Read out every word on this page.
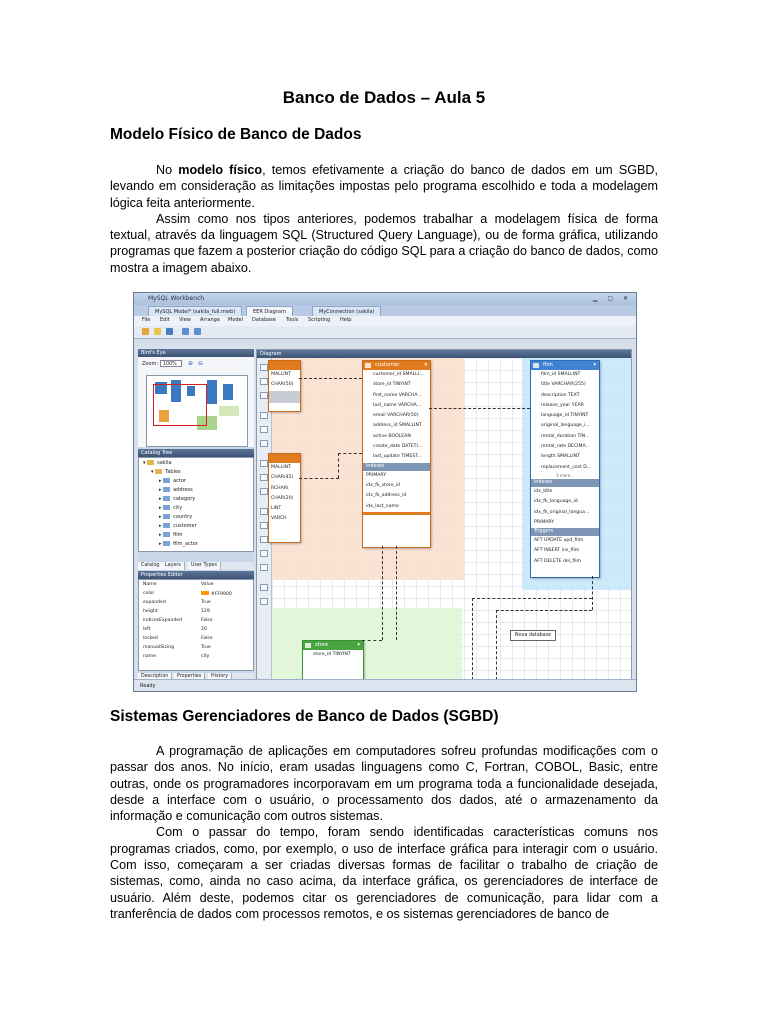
Banco de Dados – Aula 5
Modelo Físico de Banco de Dados

No modelo físico, temos efetivamente a criação do banco de dados em um SGBD, levando em consideração as limitações impostas pelo programa escolhido e toda a modelagem lógica feita anteriormente.

Assim como nos tipos anteriores, podemos trabalhar a modelagem física de forma textual, através da linguagem SQL (Structured Query Language), ou de forma gráfica, utilizando programas que fazem a posterior criação do código SQL para a criação do banco de dados, como mostra a imagem abaixo.

MySQL Workbench	▁ ▢ ✕
MySQL Model* (sakila_full.mwb)	EER Diagram	MyConnection (sakila)
File Edit View Arrange Model Database Tools Scripting Help
Bird's Eye
Zoom:	100%	⊕ ⊖
Catalog Tree
▾ sakila
▾ Tables
▸ actor
▸ address
▸ category
▸ city
▸ country
▸ customer
▸ film
▸ film_actor
Catalog	Layers	User Types
Properties Editor
Name	Value
color	#FF9900
expanded	True
height	129
indicesExpanded	False
left	20
locked	False
manualSizing	True
name	city
Description	Properties	History
Diagram
MALLINT
CHAR(50)
MALLINT
CHAR(45)
RCHAR(
CHAR(20)
LINT
VARCH
customer	▾
customer_id SMALLI...
store_id TINYINT
first_name VARCHA...
last_name VARCHA...
email VARCHAR(50)
address_id SMALLINT
active BOOLEAN
create_date DATETI...
last_update TIMEST...
Indexes
PRIMARY
idx_fk_store_id
idx_fk_address_id
idx_last_name
film	▾
film_id SMALLINT
title VARCHAR(255)
description TEXT
release_year YEAR
language_id TINYINT
original_language_i...
rental_duration TIN...
rental_rate DECIMA...
length SMALLINT
replacement_cost D...
3 more...
Indexes
idx_title
idx_fk_language_id
idx_fk_original_langua...
PRIMARY
Triggers
AFT UPDATE upd_film
AFT INSERT ins_film
AFT DELETE del_film
store	▾
store_id TINYINT
Nova database
Ready
Sistemas Gerenciadores de Banco de Dados (SGBD)

A programação de aplicações em computadores sofreu profundas modificações com o passar dos anos. No início, eram usadas linguagens como C, Fortran, COBOL, Basic, entre outras, onde os programadores incorporavam em um programa toda a funcionalidade desejada, desde a interface com o usuário, o processamento dos dados, até o armazenamento da informação e comunicação com outros sistemas.

Com o passar do tempo, foram sendo identificadas características comuns nos programas criados, como, por exemplo, o uso de interface gráfica para interagir com o usuário. Com isso, começaram a ser criadas diversas formas de facilitar o trabalho de criação de sistemas, como, ainda no caso acima, da interface gráfica, os gerenciadores de interface de usuário. Além deste, podemos citar os gerenciadores de comunicação, para lidar com a tranferência de dados com processos remotos, e os sistemas gerenciadores de banco de
